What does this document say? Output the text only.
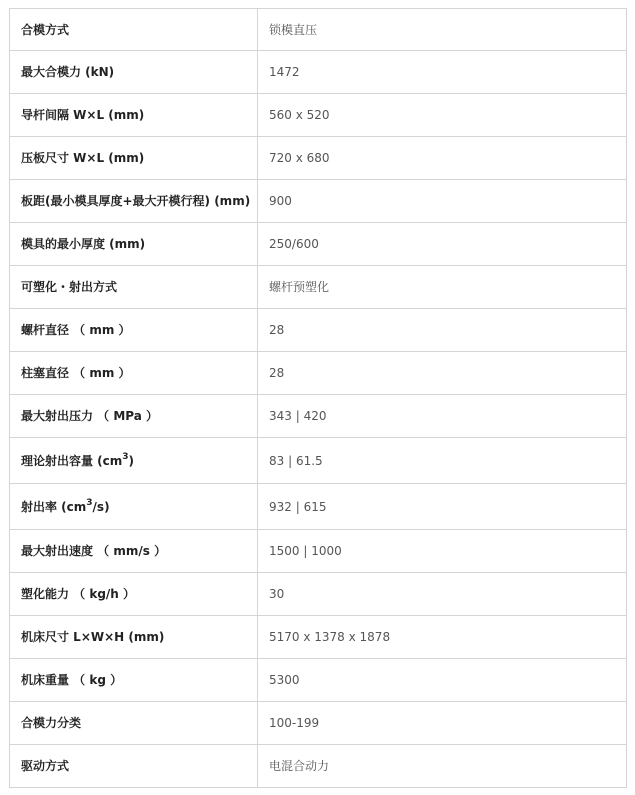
合模方式	锁模直压
最大合模力 (kN)	1472
导杆间隔 W×L (mm)	560 x 520
压板尺寸 W×L (mm)	720 x 680
板距(最小模具厚度+最大开模行程) (mm)	900
模具的最小厚度 (mm)	250/600
可塑化・射出方式	螺杆预塑化
螺杆直径 （ mm ）	28
柱塞直径 （ mm ）	28
最大射出压力 （ MPa ）	343 | 420
理论射出容量 $(cm^3)$	83 | 61.5
射出率 $(cm^3/s)$	932 | 615
最大射出速度 （ mm/s ）	1500 | 1000
塑化能力 （ kg/h ）	30
机床尺寸 L×W×H (mm)	5170 x 1378 x 1878
机床重量 （ kg ）	5300
合模力分类	100-199
驱动方式	电混合动力
